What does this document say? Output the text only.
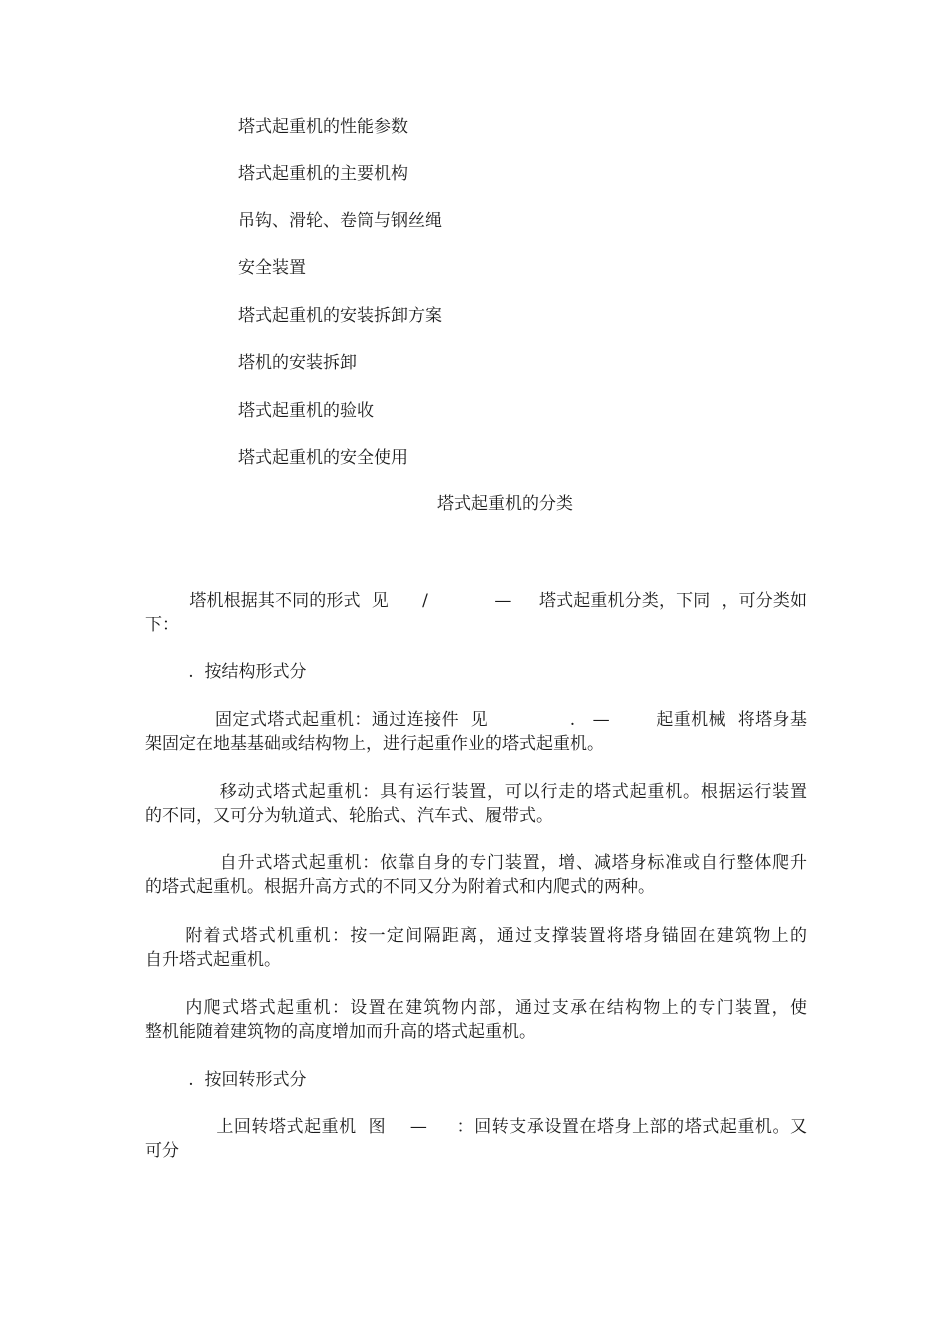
塔式起重机的性能参数
塔式起重机的主要机构
吊钩、滑轮、卷筒与钢丝绳
安全装置
塔式起重机的安装拆卸方案
塔机的安装拆卸
塔式起重机的验收
塔式起重机的安全使用
塔式起重机的分类
塔机根据其不同的形式  见      /            —     塔式起重机分类，下同  ，可分类如
下：
.  按结构形式分
固定式塔式起重机：通过连接件  见              .   —        起重机械  将塔身基
架固定在地基基础或结构物上，进行起重作业的塔式起重机。
移动式塔式起重机：具有运行装置，可以行走的塔式起重机。根据运行装置
的不同，又可分为轨道式、轮胎式、汽车式、履带式。
自升式塔式起重机：依靠自身的专门装置，增、减塔身标准或自行整体爬升
的塔式起重机。根据升高方式的不同又分为附着式和内爬式的两种。
附着式塔式机重机：按一定间隔距离，通过支撑装置将塔身锚固在建筑物上的
自升塔式起重机。
内爬式塔式起重机：设置在建筑物内部，通过支承在结构物上的专门装置，使
整机能随着建筑物的高度增加而升高的塔式起重机。
.  按回转形式分
上回转塔式起重机  图    —     ：回转支承设置在塔身上部的塔式起重机。又
可分
